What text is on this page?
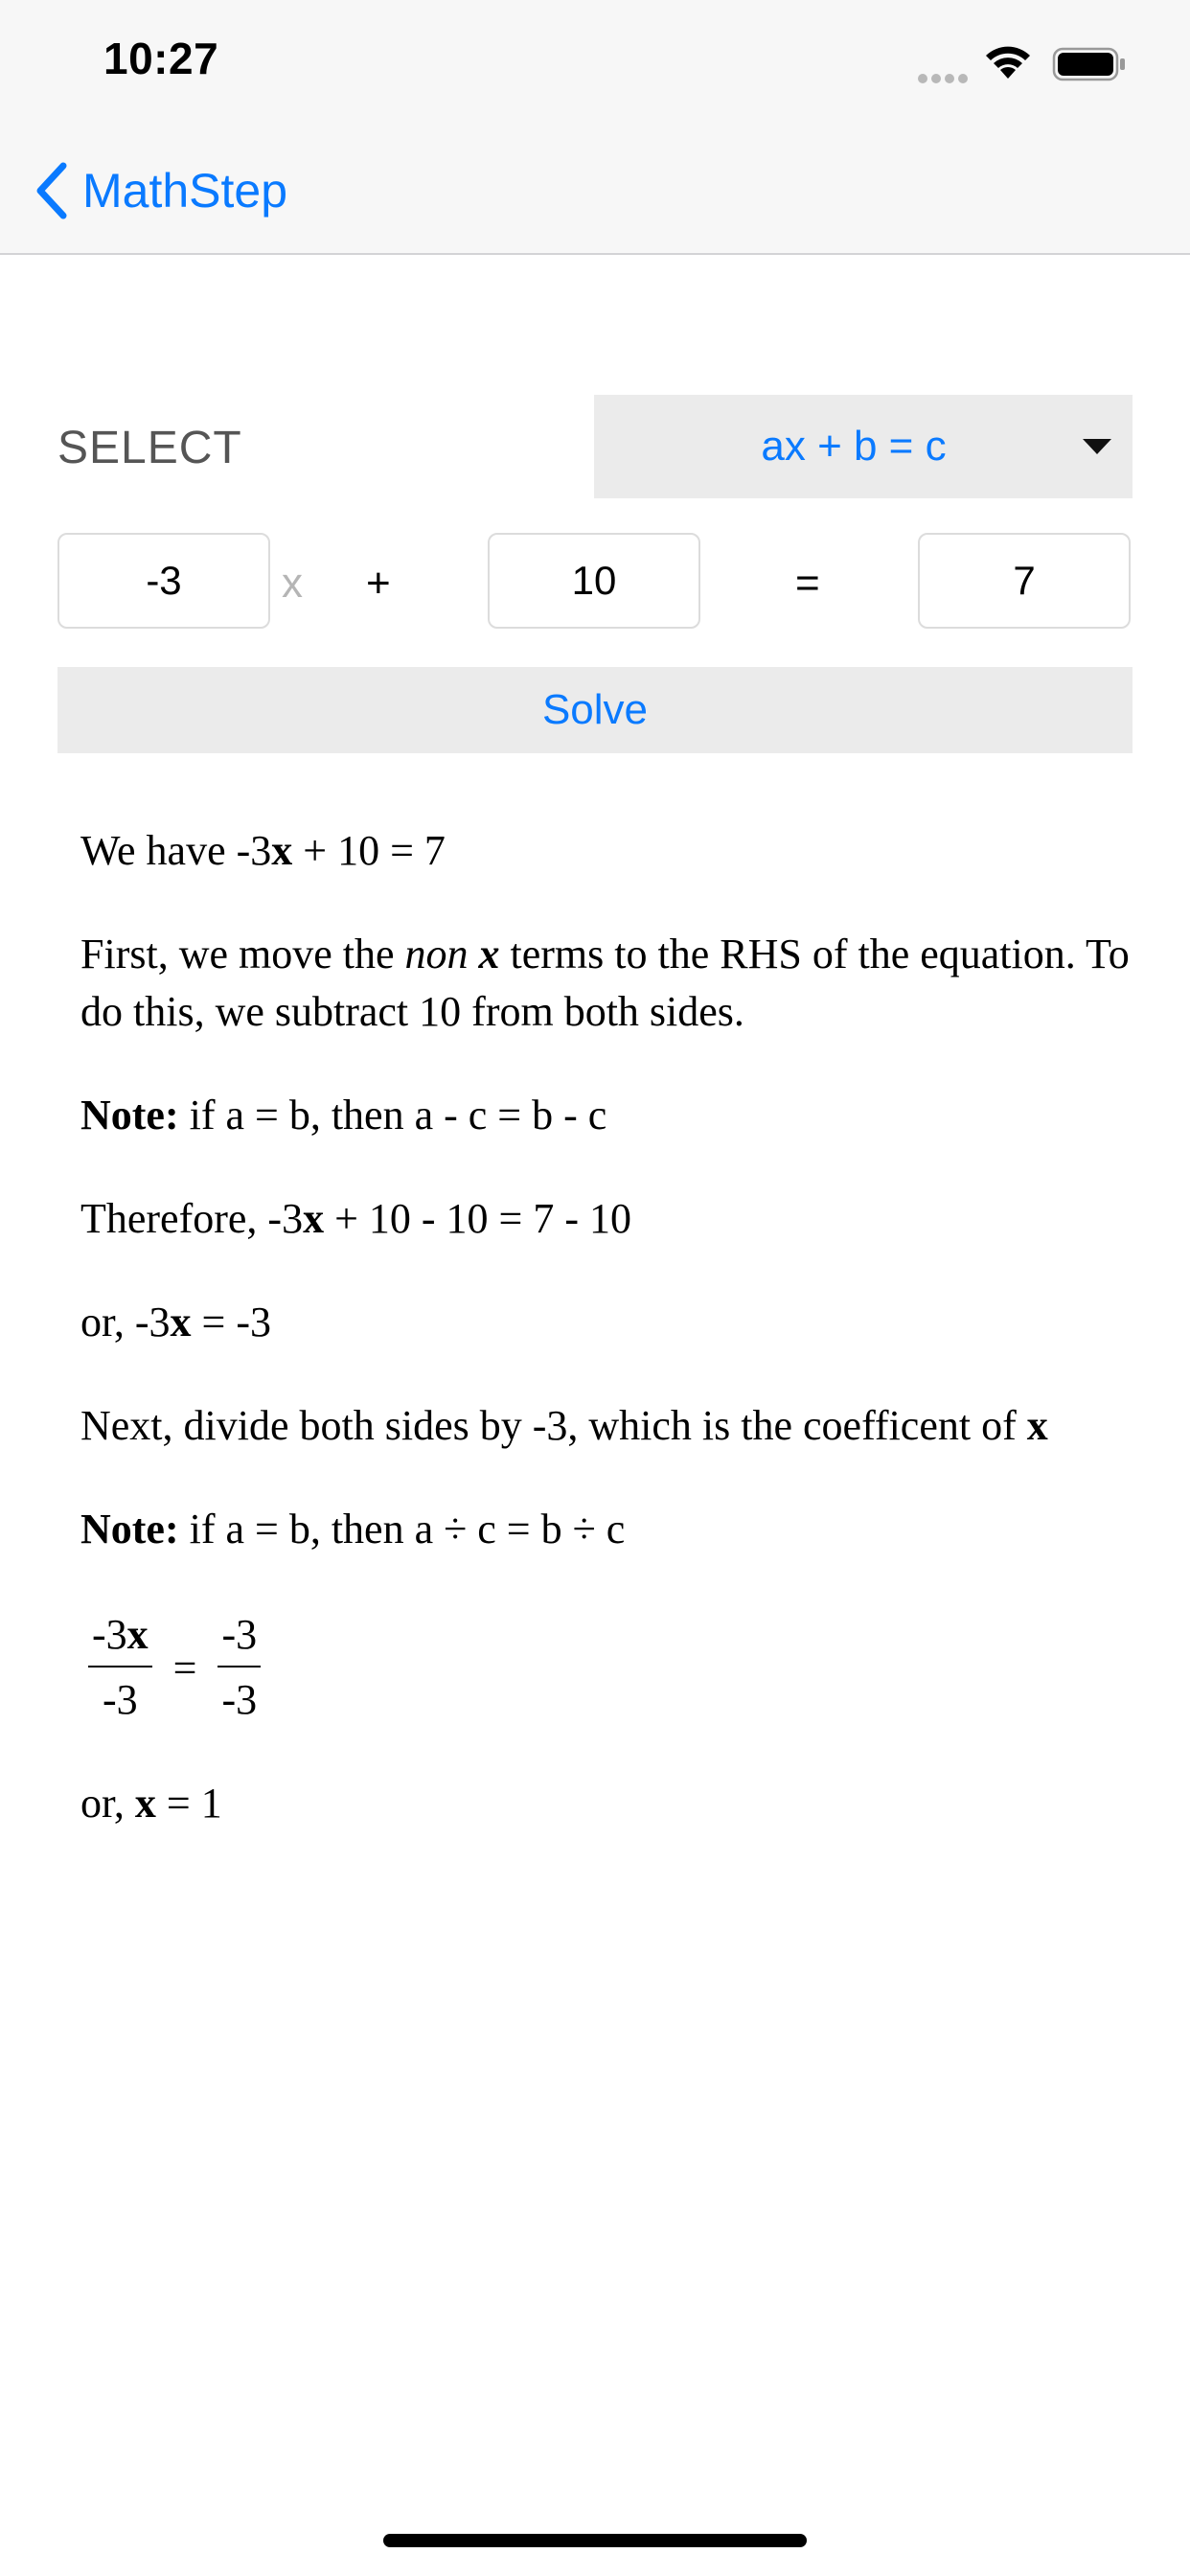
10:27
MathStep
SELECT	ax + b = c
-3
x +
10	=
7
Solve

We have -3x + 10 = 7

First, we move the non x terms to the RHS of the equation. To do this, we subtract 10 from both sides.

Note: if a = b, then a - c = b - c

Therefore, -3x + 10 - 10 = 7 - 10

or, -3x = -3

Next, divide both sides by -3, which is the coefficent of x

Note: if a = b, then a ÷ c = b ÷ c

$\frac{-3x}{-3} = \frac{-3}{-3}$

or, x = 1
